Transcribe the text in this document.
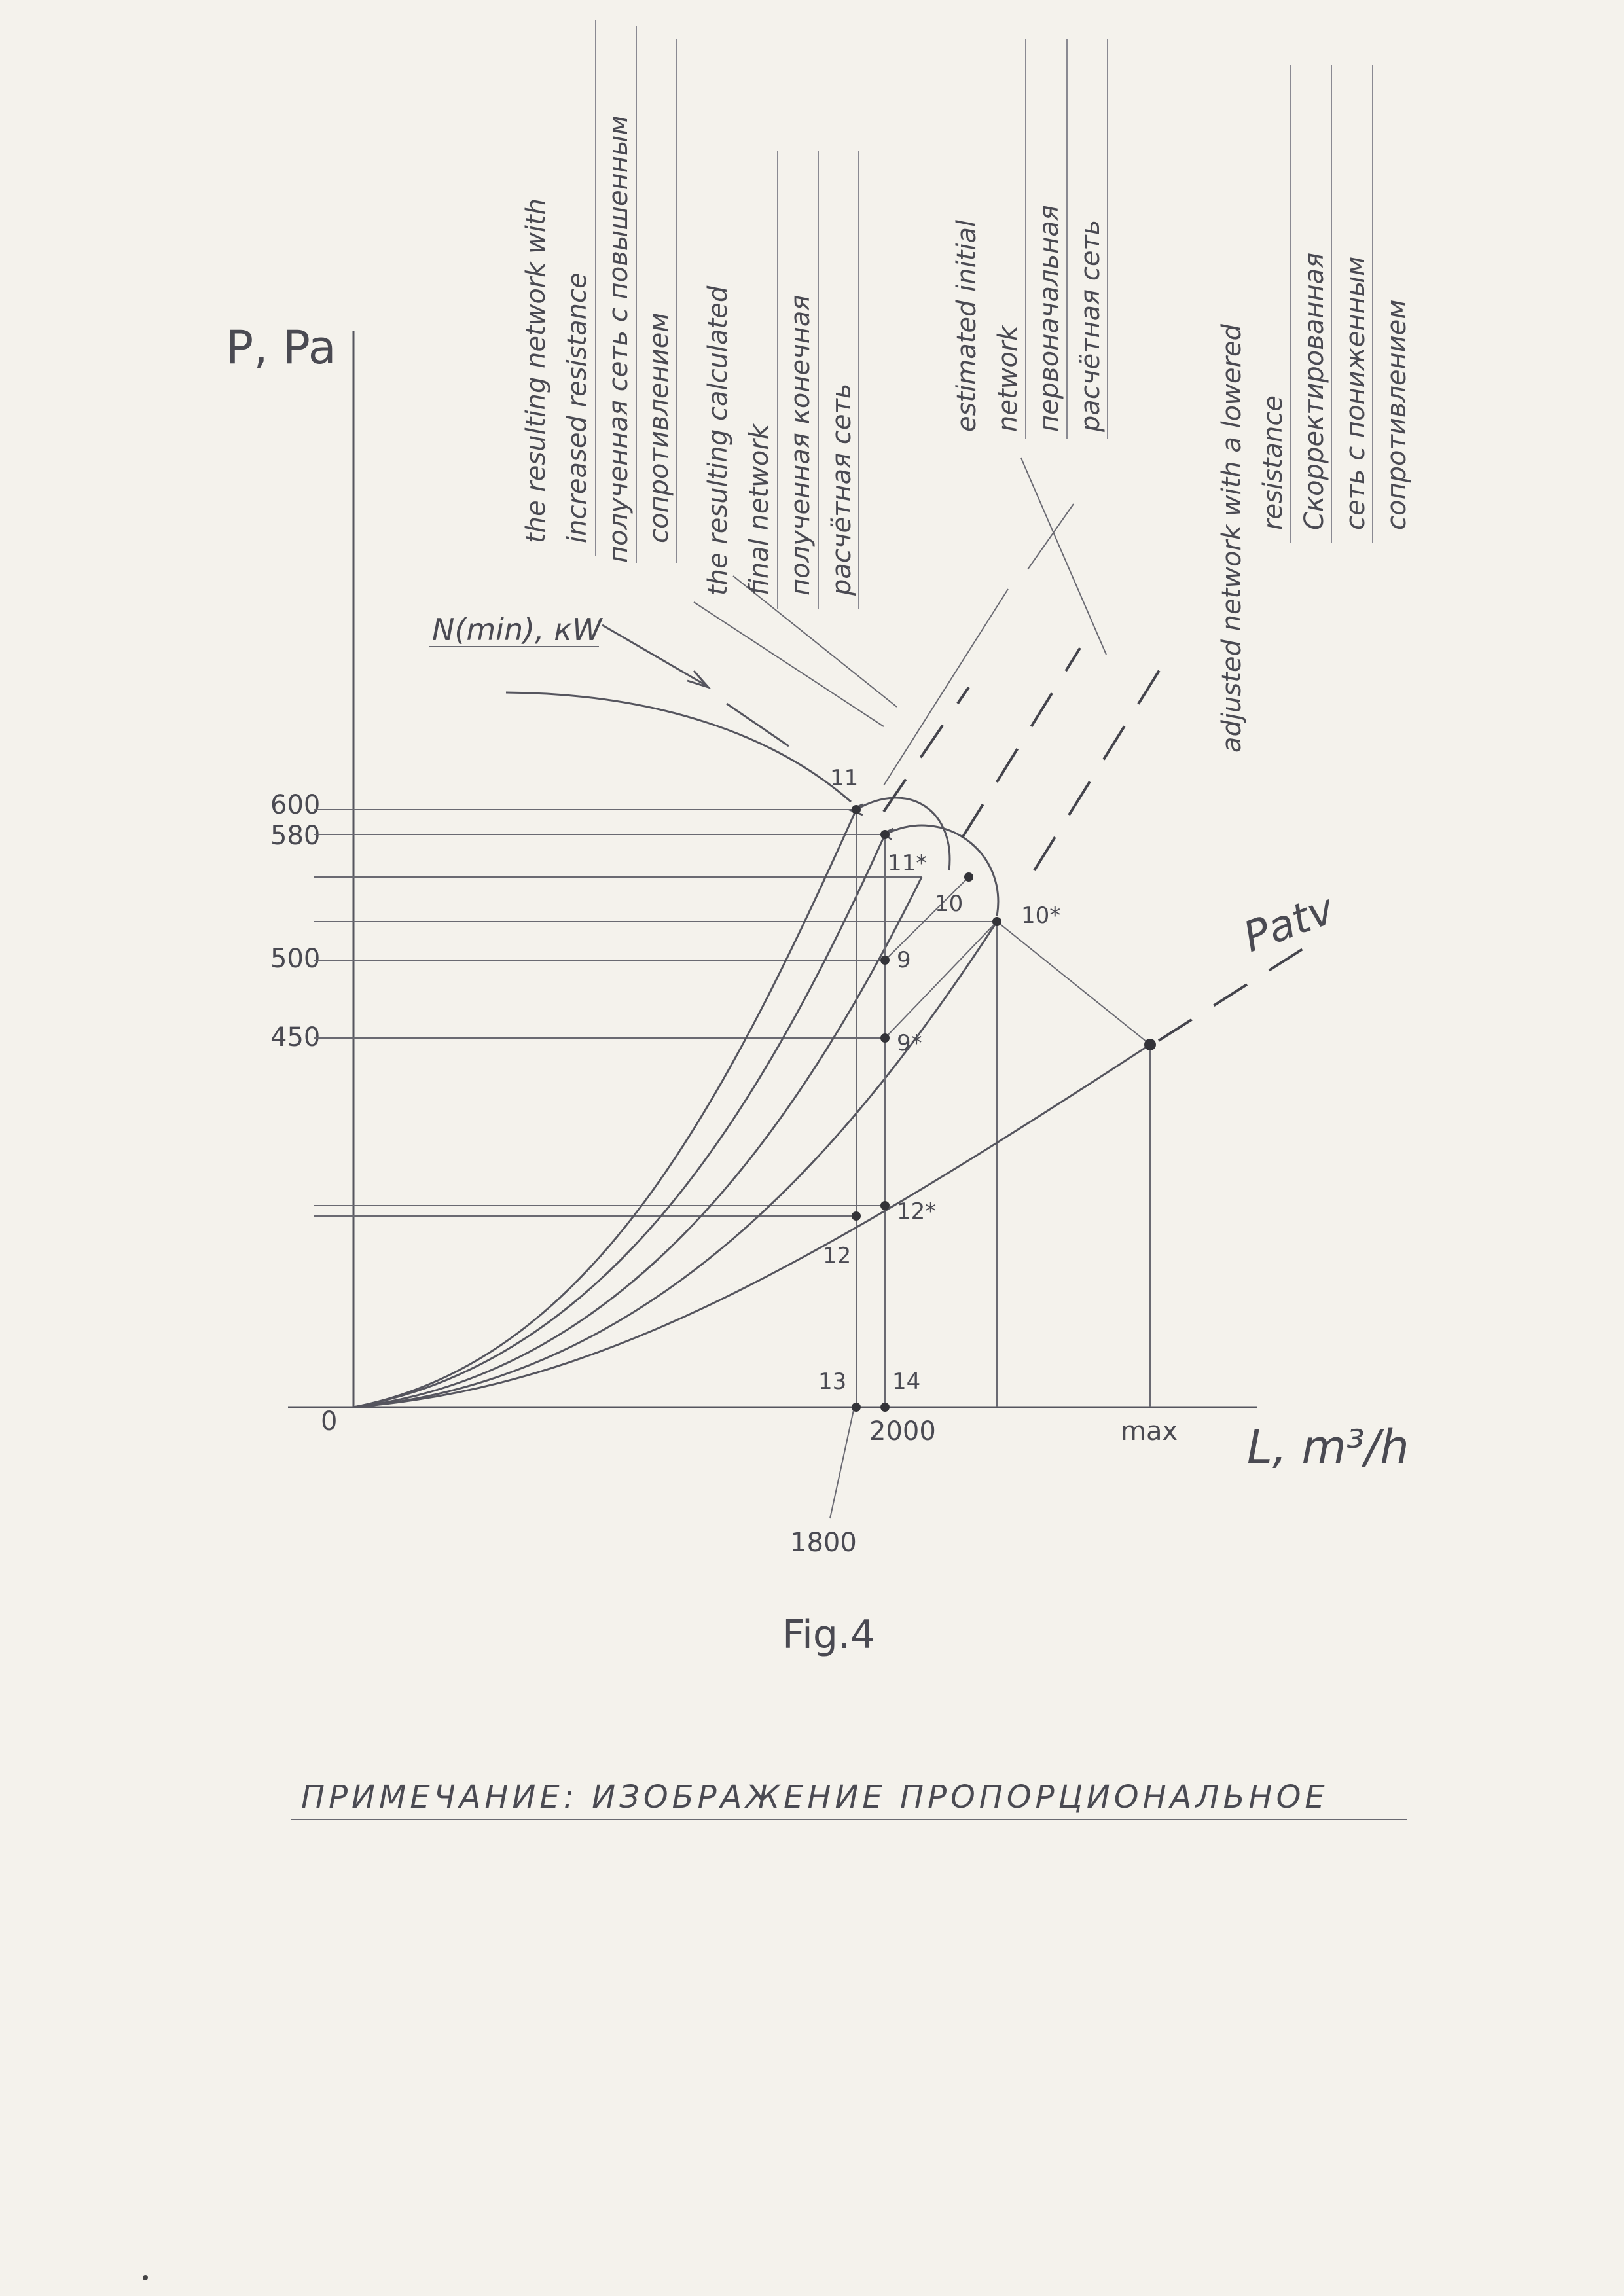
P, Pa
L, m³/h
0
600
580
500
450
2000	max
1800
N(min), кW
11
11*
10	10*
9
9*
12*
12
13 14
Patv
the resulting network with increased resistance полученная сеть с повышенным сопротивлением the resulting calculated final network полученная конечная расчётная сеть
estimated initial network первоначальная расчётная сеть	adjusted network with a lowered resistance Скорректированная сеть с пониженным сопротивлением
Fig.4
ПРИМЕЧАНИЕ: ИЗОБРАЖЕНИЕ ПРОПОРЦИОНАЛЬНОЕ
